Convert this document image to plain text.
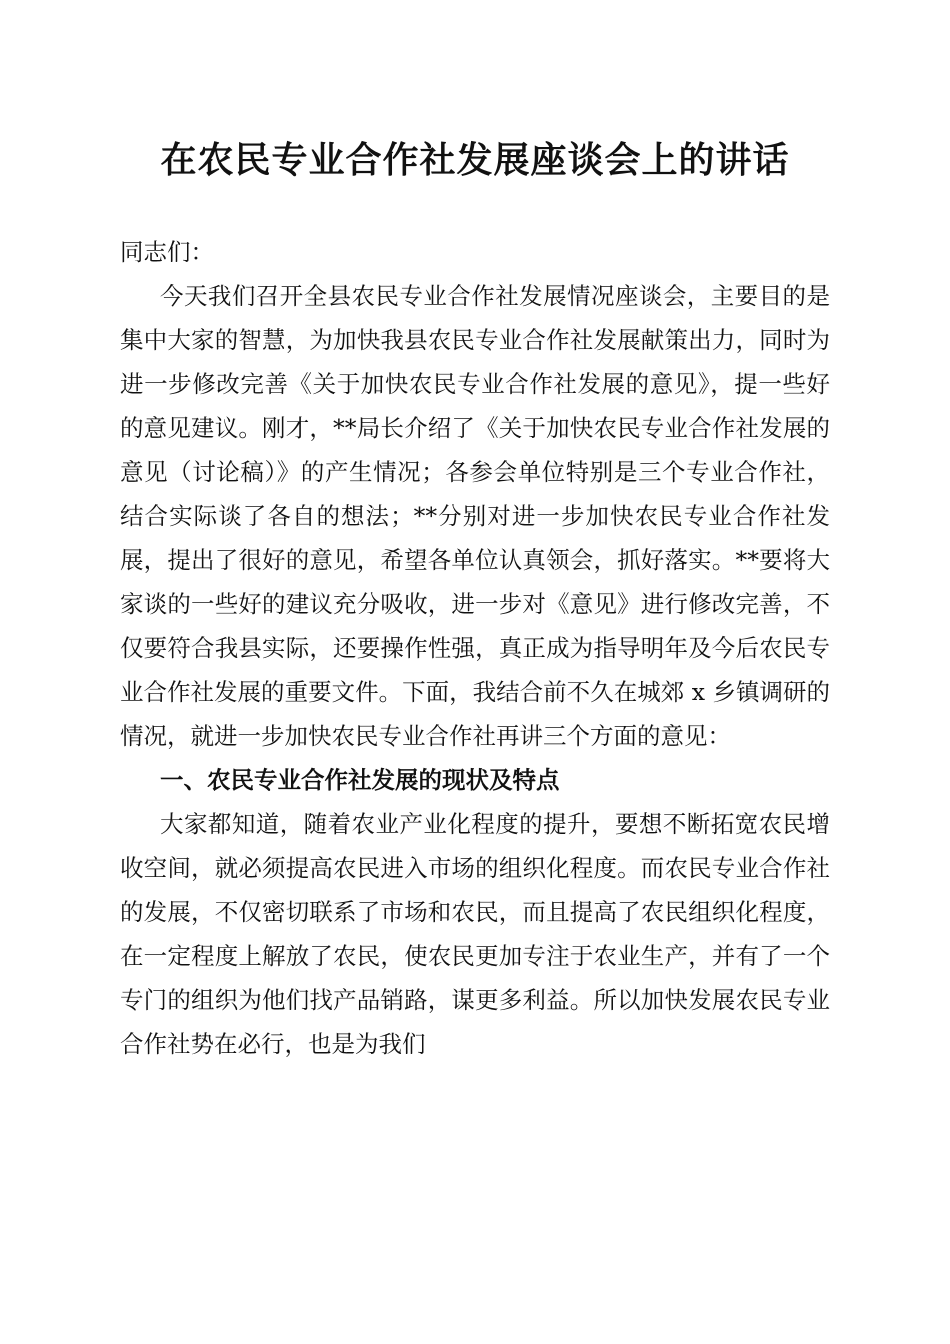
在农民专业合作社发展座谈会上的讲话

同志们：

今天我们召开全县农民专业合作社发展情况座谈会，主要目的是集中大家的智慧，为加快我县农民专业合作社发展献策出力，同时为进一步修改完善《关于加快农民专业合作社发展的意见》，提一些好的意见建议。刚才，**局长介绍了《关于加快农民专业合作社发展的意见（讨论稿）》的产生情况；各参会单位特别是三个专业合作社，结合实际谈了各自的想法；**分别对进一步加快农民专业合作社发展，提出了很好的意见，希望各单位认真领会，抓好落实。**要将大家谈的一些好的建议充分吸收，进一步对《意见》进行修改完善，不仅要符合我县实际，还要操作性强，真正成为指导明年及今后农民专业合作社发展的重要文件。下面，我结合前不久在城郊 x 乡镇调研的情况，就进一步加快农民专业合作社再讲三个方面的意见：

一、农民专业合作社发展的现状及特点

大家都知道，随着农业产业化程度的提升，要想不断拓宽农民增收空间，就必须提高农民进入市场的组织化程度。而农民专业合作社的发展，不仅密切联系了市场和农民，而且提高了农民组织化程度，在一定程度上解放了农民，使农民更加专注于农业生产，并有了一个专门的组织为他们找产品销路，谋更多利益。所以加快发展农民专业合作社势在必行，也是为我们
